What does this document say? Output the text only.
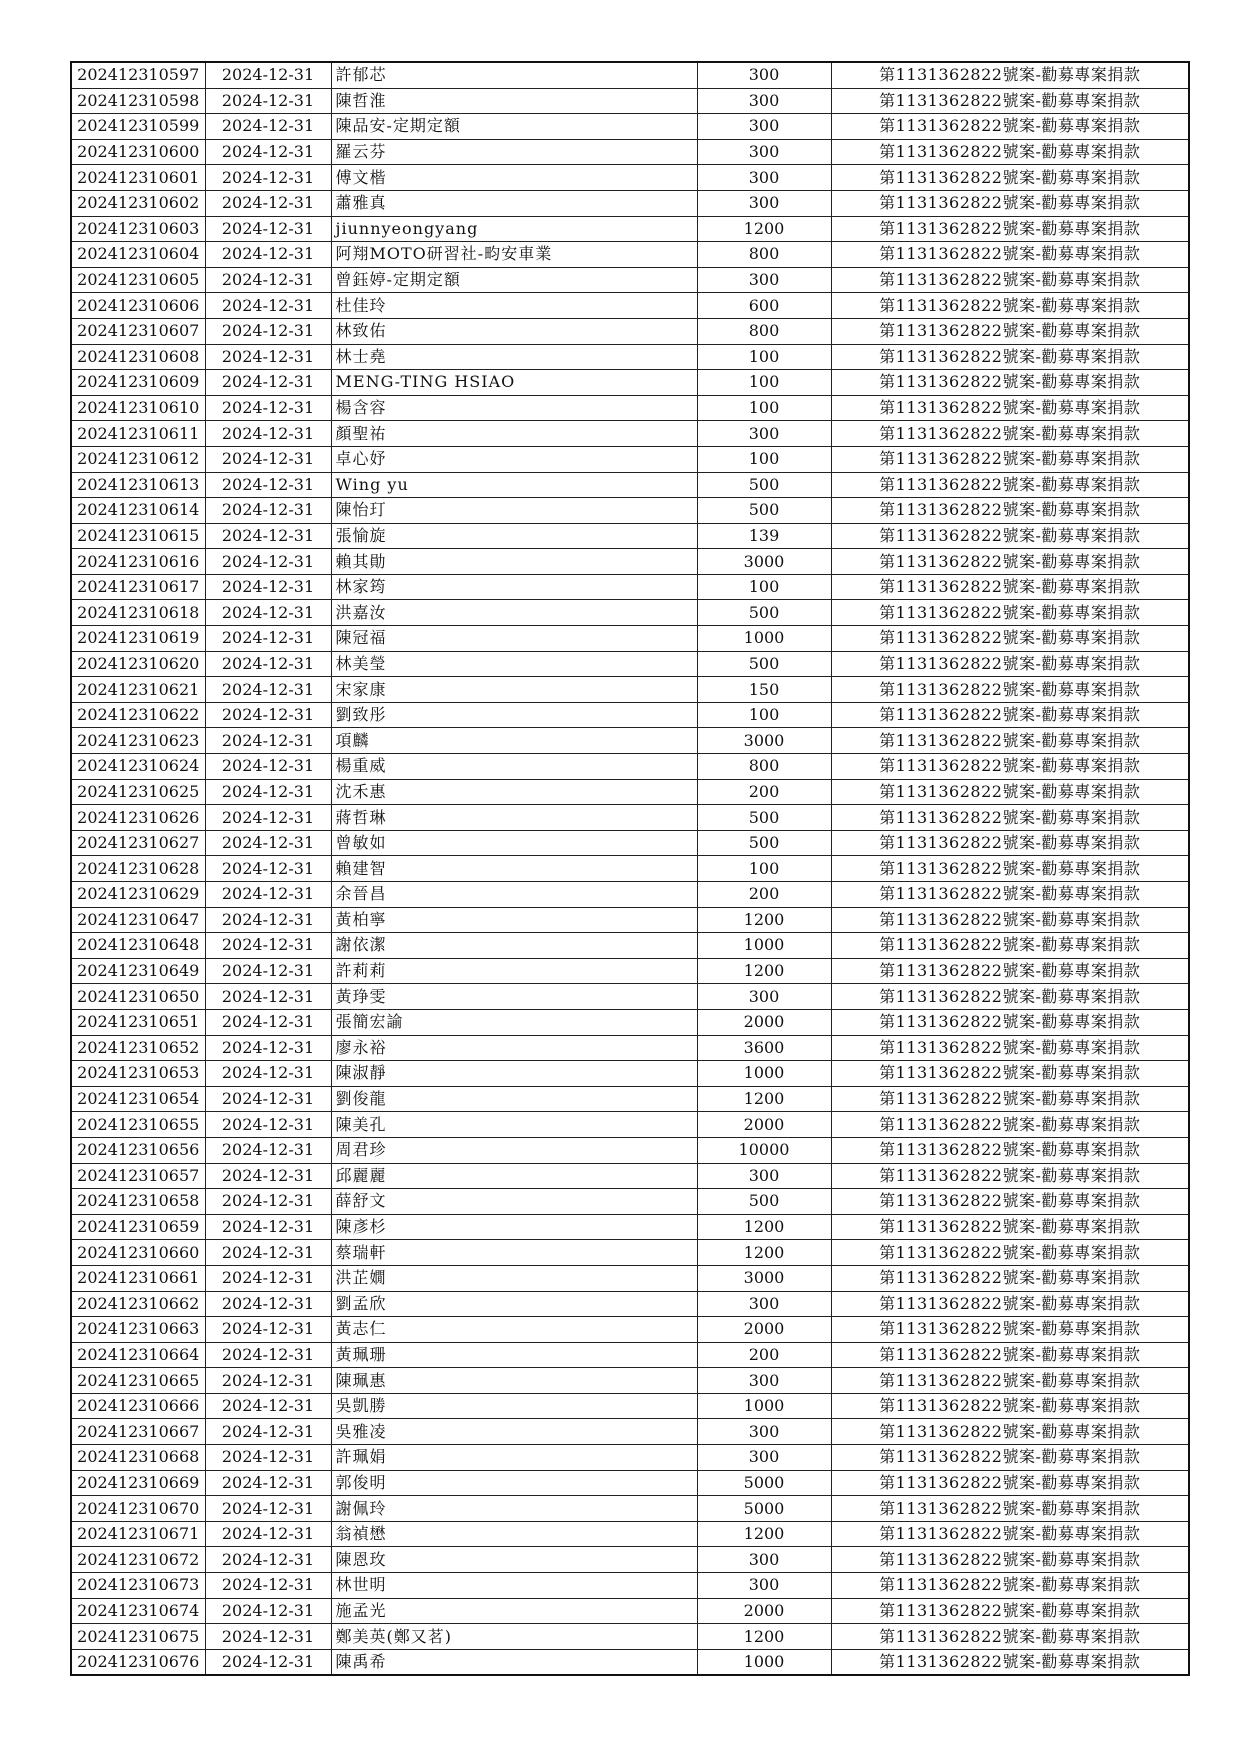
202412310597	2024-12-31	許郁芯	300	第1131362822號案-勸募專案捐款
202412310598	2024-12-31	陳哲淮	300	第1131362822號案-勸募專案捐款
202412310599	2024-12-31	陳品安-定期定額	300	第1131362822號案-勸募專案捐款
202412310600	2024-12-31	羅云芬	300	第1131362822號案-勸募專案捐款
202412310601	2024-12-31	傅文楷	300	第1131362822號案-勸募專案捐款
202412310602	2024-12-31	蕭雅真	300	第1131362822號案-勸募專案捐款
202412310603	2024-12-31	jiunnyeongyang	1200	第1131362822號案-勸募專案捐款
202412310604	2024-12-31	阿翔MOTO研習社-畇安車業	800	第1131362822號案-勸募專案捐款
202412310605	2024-12-31	曾鈺婷-定期定額	300	第1131362822號案-勸募專案捐款
202412310606	2024-12-31	杜佳玲	600	第1131362822號案-勸募專案捐款
202412310607	2024-12-31	林致佑	800	第1131362822號案-勸募專案捐款
202412310608	2024-12-31	林士堯	100	第1131362822號案-勸募專案捐款
202412310609	2024-12-31	MENG-TING HSIAO	100	第1131362822號案-勸募專案捐款
202412310610	2024-12-31	楊含容	100	第1131362822號案-勸募專案捐款
202412310611	2024-12-31	顏聖祐	300	第1131362822號案-勸募專案捐款
202412310612	2024-12-31	卓心妤	100	第1131362822號案-勸募專案捐款
202412310613	2024-12-31	Wing yu	500	第1131362822號案-勸募專案捐款
202412310614	2024-12-31	陳怡玎	500	第1131362822號案-勸募專案捐款
202412310615	2024-12-31	張愉旋	139	第1131362822號案-勸募專案捐款
202412310616	2024-12-31	賴其勛	3000	第1131362822號案-勸募專案捐款
202412310617	2024-12-31	林家筠	100	第1131362822號案-勸募專案捐款
202412310618	2024-12-31	洪嘉汝	500	第1131362822號案-勸募專案捐款
202412310619	2024-12-31	陳冠福	1000	第1131362822號案-勸募專案捐款
202412310620	2024-12-31	林美瑩	500	第1131362822號案-勸募專案捐款
202412310621	2024-12-31	宋家康	150	第1131362822號案-勸募專案捐款
202412310622	2024-12-31	劉致彤	100	第1131362822號案-勸募專案捐款
202412310623	2024-12-31	項麟	3000	第1131362822號案-勸募專案捐款
202412310624	2024-12-31	楊重威	800	第1131362822號案-勸募專案捐款
202412310625	2024-12-31	沈禾惠	200	第1131362822號案-勸募專案捐款
202412310626	2024-12-31	蔣哲琳	500	第1131362822號案-勸募專案捐款
202412310627	2024-12-31	曾敏如	500	第1131362822號案-勸募專案捐款
202412310628	2024-12-31	賴建智	100	第1131362822號案-勸募專案捐款
202412310629	2024-12-31	余晉昌	200	第1131362822號案-勸募專案捐款
202412310647	2024-12-31	黃柏寧	1200	第1131362822號案-勸募專案捐款
202412310648	2024-12-31	謝依潔	1000	第1131362822號案-勸募專案捐款
202412310649	2024-12-31	許莉莉	1200	第1131362822號案-勸募專案捐款
202412310650	2024-12-31	黃琤雯	300	第1131362822號案-勸募專案捐款
202412310651	2024-12-31	張簡宏諭	2000	第1131362822號案-勸募專案捐款
202412310652	2024-12-31	廖永裕	3600	第1131362822號案-勸募專案捐款
202412310653	2024-12-31	陳淑靜	1000	第1131362822號案-勸募專案捐款
202412310654	2024-12-31	劉俊龍	1200	第1131362822號案-勸募專案捐款
202412310655	2024-12-31	陳美孔	2000	第1131362822號案-勸募專案捐款
202412310656	2024-12-31	周君珍	10000	第1131362822號案-勸募專案捐款
202412310657	2024-12-31	邱麗麗	300	第1131362822號案-勸募專案捐款
202412310658	2024-12-31	薛舒文	500	第1131362822號案-勸募專案捐款
202412310659	2024-12-31	陳彥杉	1200	第1131362822號案-勸募專案捐款
202412310660	2024-12-31	蔡瑞軒	1200	第1131362822號案-勸募專案捐款
202412310661	2024-12-31	洪芷嫺	3000	第1131362822號案-勸募專案捐款
202412310662	2024-12-31	劉孟欣	300	第1131362822號案-勸募專案捐款
202412310663	2024-12-31	黃志仁	2000	第1131362822號案-勸募專案捐款
202412310664	2024-12-31	黃珮珊	200	第1131362822號案-勸募專案捐款
202412310665	2024-12-31	陳珮惠	300	第1131362822號案-勸募專案捐款
202412310666	2024-12-31	吳凱勝	1000	第1131362822號案-勸募專案捐款
202412310667	2024-12-31	吳雅凌	300	第1131362822號案-勸募專案捐款
202412310668	2024-12-31	許珮娟	300	第1131362822號案-勸募專案捐款
202412310669	2024-12-31	郭俊明	5000	第1131362822號案-勸募專案捐款
202412310670	2024-12-31	謝佩玲	5000	第1131362822號案-勸募專案捐款
202412310671	2024-12-31	翁禎懋	1200	第1131362822號案-勸募專案捐款
202412310672	2024-12-31	陳恩玫	300	第1131362822號案-勸募專案捐款
202412310673	2024-12-31	林世明	300	第1131362822號案-勸募專案捐款
202412310674	2024-12-31	施孟光	2000	第1131362822號案-勸募專案捐款
202412310675	2024-12-31	鄭美英(鄭又茗)	1200	第1131362822號案-勸募專案捐款
202412310676	2024-12-31	陳禹希	1000	第1131362822號案-勸募專案捐款
